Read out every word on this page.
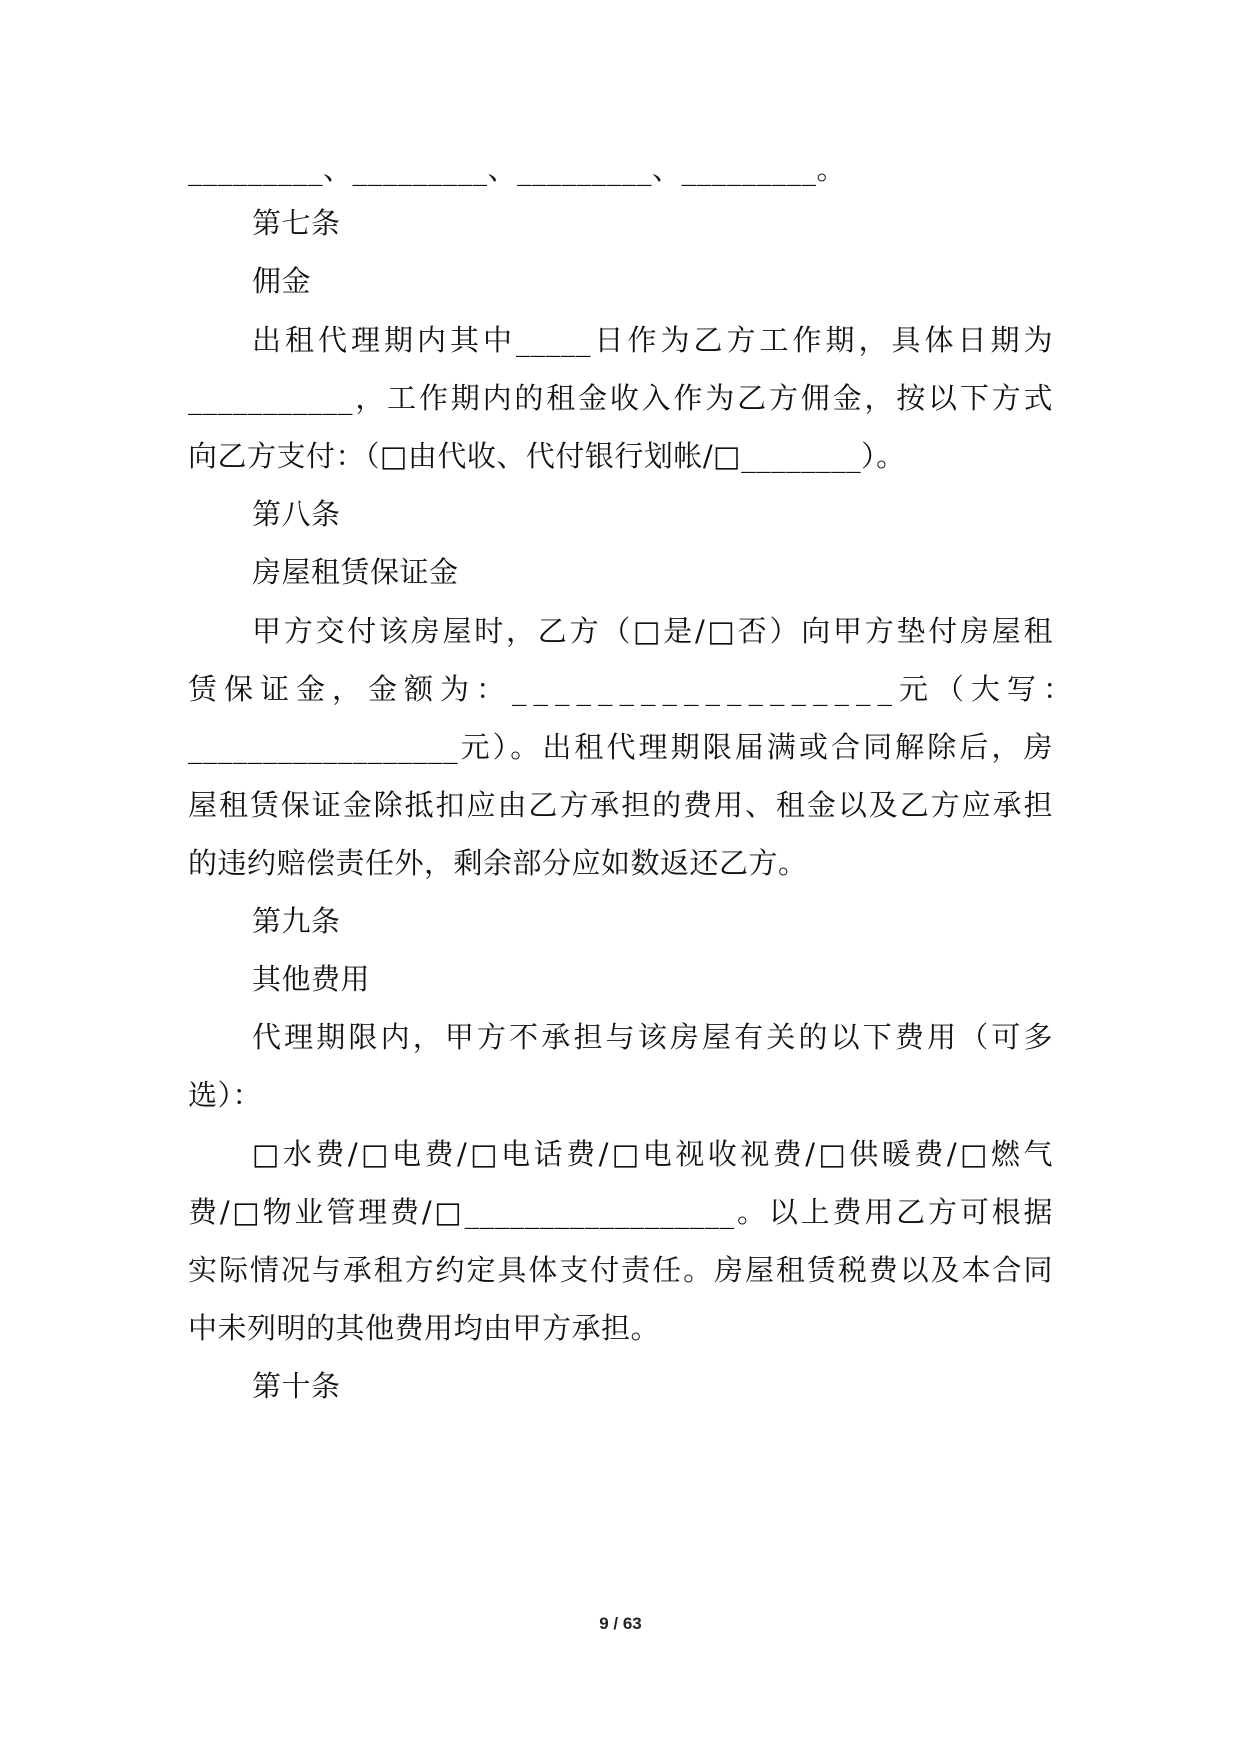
_________、_________、_________、_________。
第七条
佣金
出租代理期内其中_____日作为乙方工作期，具体日期为
___________，工作期内的租金收入作为乙方佣金，按以下方式
向乙方支付：（□由代收、代付银行划帐/□________）。
第八条
房屋租赁保证金
甲方交付该房屋时，乙方（□是/□否）向甲方垫付房屋租
赁保证金，金额为：__________________元（大写：
__________________元）。出租代理期限届满或合同解除后，房
屋租赁保证金除抵扣应由乙方承担的费用、租金以及乙方应承担
的违约赔偿责任外，剩余部分应如数返还乙方。
第九条
其他费用
代理期限内，甲方不承担与该房屋有关的以下费用（可多
选）：
□水费/□电费/□电话费/□电视收视费/□供暖费/□燃气
费/□物业管理费/□__________________。以上费用乙方可根据
实际情况与承租方约定具体支付责任。房屋租赁税费以及本合同
中未列明的其他费用均由甲方承担。
第十条
9 / 63
